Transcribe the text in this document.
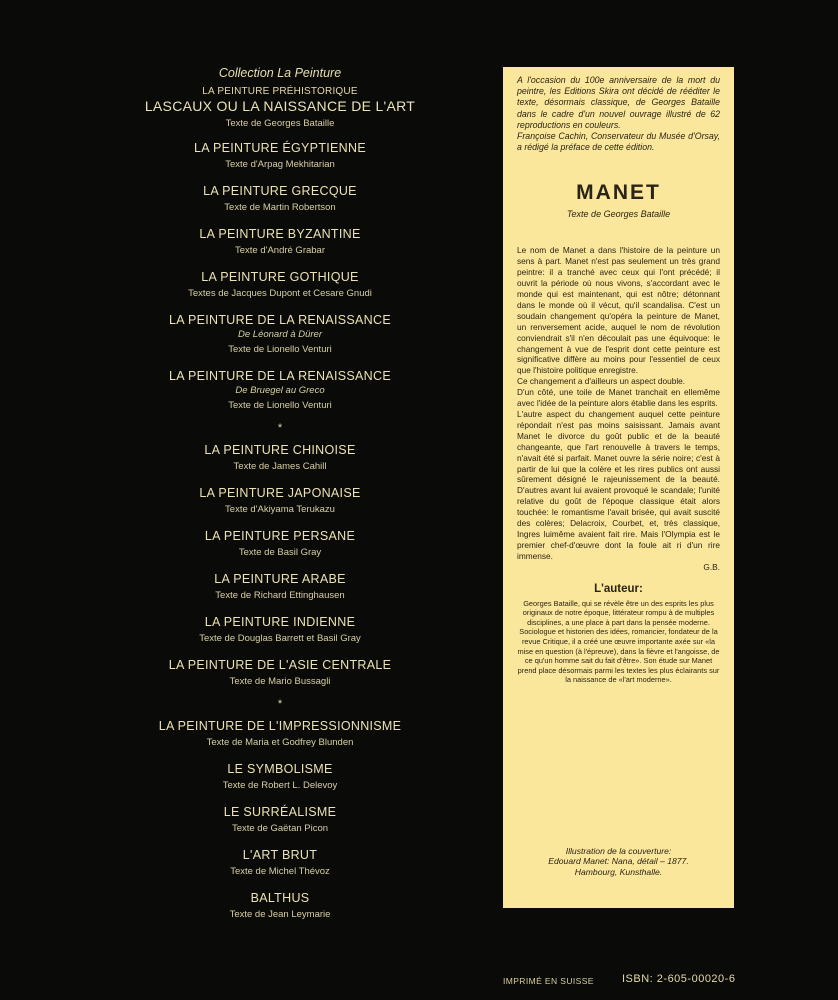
Collection La Peinture
LA PEINTURE PRÉHISTORIQUE
LASCAUX OU LA NAISSANCE DE L'ART
Texte de Georges Bataille
LA PEINTURE ÉGYPTIENNE
Texte d'Arpag Mekhitarian
LA PEINTURE GRECQUE
Texte de Martin Robertson
LA PEINTURE BYZANTINE
Texte d'André Grabar
LA PEINTURE GOTHIQUE
Textes de Jacques Dupont et Cesare Gnudi
LA PEINTURE DE LA RENAISSANCE
De Léonard à Dürer
Texte de Lionello Venturi
LA PEINTURE DE LA RENAISSANCE
De Bruegel au Greco
Texte de Lionello Venturi
*
LA PEINTURE CHINOISE
Texte de James Cahill
LA PEINTURE JAPONAISE
Texte d'Akiyama Terukazu
LA PEINTURE PERSANE
Texte de Basil Gray
LA PEINTURE ARABE
Texte de Richard Ettinghausen
LA PEINTURE INDIENNE
Texte de Douglas Barrett et Basil Gray
LA PEINTURE DE L'ASIE CENTRALE
Texte de Mario Bussagli
*
LA PEINTURE DE L'IMPRESSIONNISME
Texte de Maria et Godfrey Blunden
LE SYMBOLISME
Texte de Robert L. Delevoy
LE SURRÉALISME
Texte de Gaëtan Picon
L'ART BRUT
Texte de Michel Thévoz
BALTHUS
Texte de Jean Leymarie

A l'occasion du 100e anniversaire de la mort du peintre, les Editions Skira ont décidé de rééditer le texte, désormais classique, de Georges Bataille dans le cadre d'un nouvel ouvrage illustré de 62 reproductions en couleurs.

Françoise Cachin, Conservateur du Musée d'Orsay, a rédigé la préface de cette édition.

MANET
Texte de Georges Bataille

Le nom de Manet a dans l'histoire de la peinture un sens à part. Manet n'est pas seulement un très grand peintre: il a tranché avec ceux qui l'ont précédé; il ouvrit la période où nous vivons, s'accordant avec le monde qui est maintenant, qui est nôtre; détonnant dans le monde où il vécut, qu'il scandalisa. C'est un soudain changement qu'opéra la peinture de Manet, un renversement acide, auquel le nom de révolution conviendrait s'il n'en découlait pas une équivoque: le changement à vue de l'esprit dont cette peinture est significative diffère au moins pour l'essentiel de ceux que l'histoire politique enregistre.

Ce changement a d'ailleurs un aspect double.

D'un côté, une toile de Manet tranchait en ellemême avec l'idée de la peinture alors établie dans les esprits.

L'autre aspect du changement auquel cette peinture répondait n'est pas moins saisissant. Jamais avant Manet le divorce du goût public et de la beauté changeante, que l'art renouvelle à travers le temps, n'avait été si parfait. Manet ouvre la série noire; c'est à partir de lui que la colère et les rires publics ont aussi sûrement désigné le rajeunissement de la beauté. D'autres avant lui avaient provoqué le scandale; l'unité relative du goût de l'époque classique était alors touchée: le romantisme l'avait brisée, qui avait suscité des colères; Delacroix, Courbet, et, très classique, Ingres luimême avaient fait rire. Mais l'Olympia est le premier chef-d'œuvre dont la foule ait ri d'un rire immense.

G.B.
L'auteur:
Georges Bataille, qui se révèle être un des esprits les plus originaux de notre époque, littérateur rompu à de multiples disciplines, a une place à part dans la pensée moderne. Sociologue et historien des idées, romancier, fondateur de la revue Critique, il a créé une œuvre importante axée sur «la mise en question (à l'épreuve), dans la fièvre et l'angoisse, de ce qu'un homme sait du fait d'être». Son étude sur Manet prend place désormais parmi les textes les plus éclairants sur la naissance de «l'art moderne».
Illustration de la couverture:
Edouard Manet: Nana, détail – 1877.
Hambourg, Kunsthalle.
IMPRIMÉ EN SUISSE	ISBN: 2-605-00020-6
